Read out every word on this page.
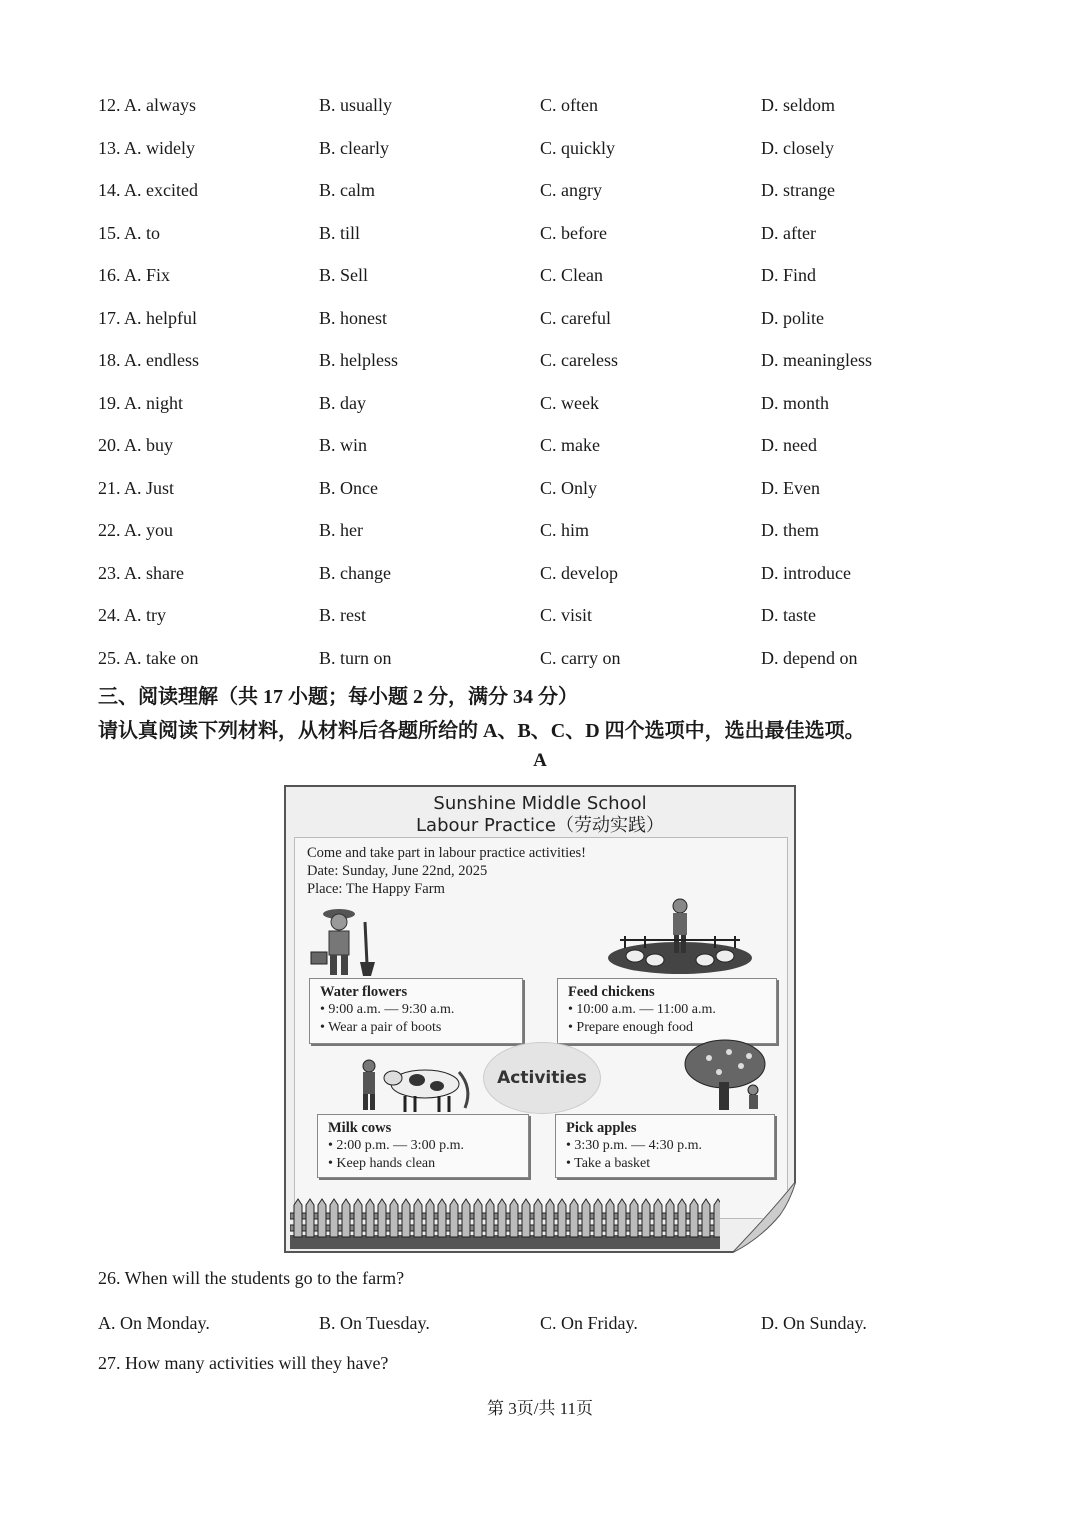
12. A. always	B. usually	C. often	D. seldom
13. A. widely	B. clearly	C. quickly	D. closely
14. A. excited	B. calm	C. angry	D. strange
15. A. to	B. till	C. before	D. after
16. A. Fix	B. Sell	C. Clean	D. Find
17. A. helpful	B. honest	C. careful	D. polite
18. A. endless	B. helpless	C. careless	D. meaningless
19. A. night	B. day	C. week	D. month
20. A. buy	B. win	C. make	D. need
21. A. Just	B. Once	C. Only	D. Even
22. A. you	B. her	C. him	D. them
23. A. share	B. change	C. develop	D. introduce
24. A. try	B. rest	C. visit	D. taste
25. A. take on	B. turn on	C. carry on	D. depend on
三、阅读理解（共 17 小题；每小题 2 分，满分 34 分）
请认真阅读下列材料，从材料后各题所给的 A、B、C、D 四个选项中，选出最佳选项。
A
Sunshine Middle School
Labour Practice（劳动实践）
Come and take part in labour practice activities!
Date: Sunday, June 22nd, 2025
Place: The Happy Farm
Water flowers
• 9:00 a.m. — 9:30 a.m.
• Wear a pair of boots
Feed chickens
• 10:00 a.m. — 11:00 a.m.
• Prepare enough food
Activities
Milk cows
• 2:00 p.m. — 3:00 p.m.
• Keep hands clean
Pick apples
• 3:30 p.m. — 4:30 p.m.
• Take a basket
26. When will the students go to the farm?
A. On Monday.	B. On Tuesday.	C. On Friday.	D. On Sunday.
27. How many activities will they have?
第 3页/共 11页
